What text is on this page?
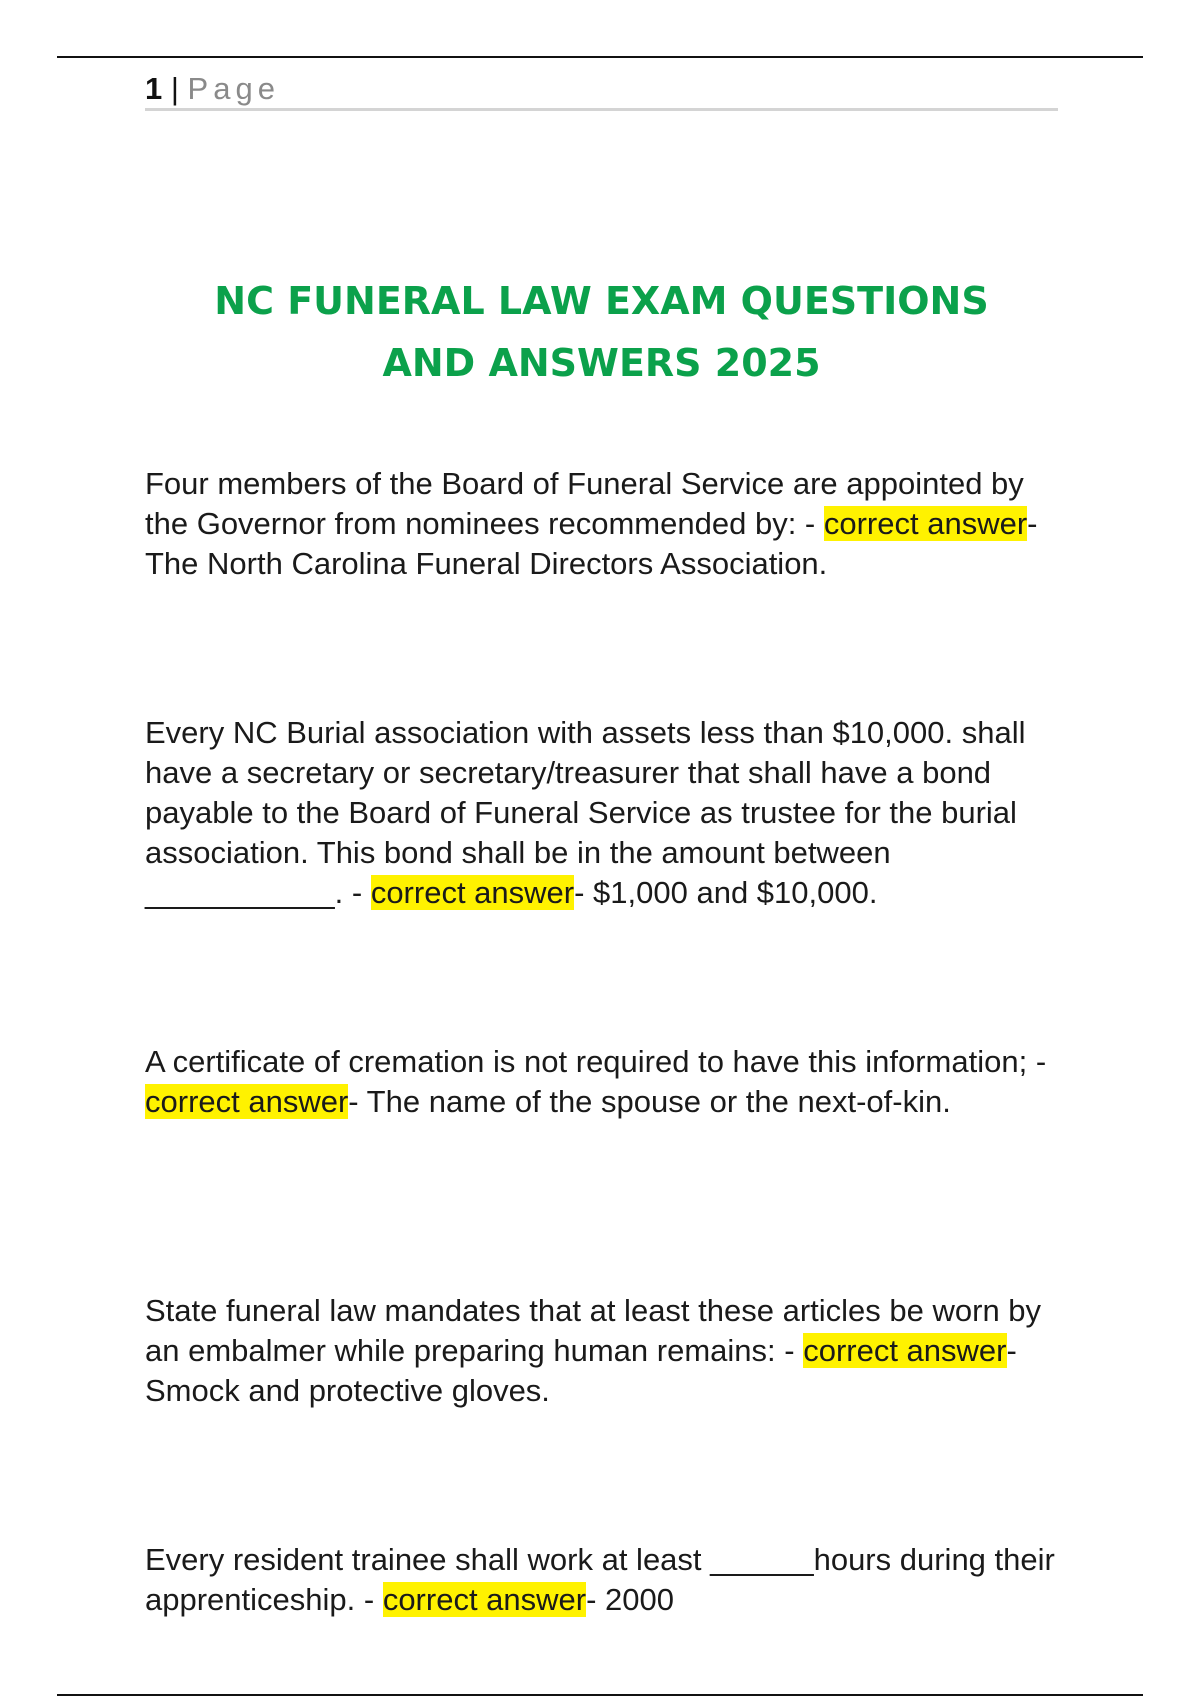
1 | Page
NC FUNERAL LAW EXAM QUESTIONS
AND ANSWERS 2025

Four members of the Board of Funeral Service are appointed by the Governor from nominees recommended by: - correct answer- The North Carolina Funeral Directors Association.

Every NC Burial association with assets less than $10,000. shall have a secretary or secretary/treasurer that shall have a bond payable to the Board of Funeral Service as trustee for the burial association. This bond shall be in the amount between ___________. - correct answer- $1,000 and $10,000.

A certificate of cremation is not required to have this information; - correct answer- The name of the spouse or the next-of-kin.

State funeral law mandates that at least these articles be worn by an embalmer while preparing human remains: - correct answer- Smock and protective gloves.

Every resident trainee shall work at least ______hours during their apprenticeship. - correct answer- 2000
